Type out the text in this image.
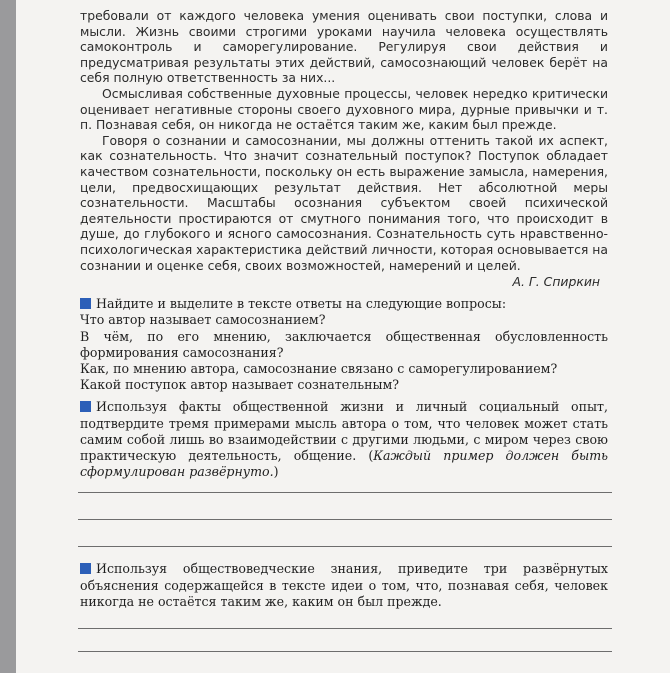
требовали от каждого человека умения оценивать свои поступки, слова и мысли. Жизнь своими строгими уроками научила человека осуществлять самоконтроль и саморегулирование. Регулируя свои действия и предусматривая результаты этих действий, самосознающий человек берёт на себя полную ответственность за них...

Осмысливая собственные духовные процессы, человек нередко критически оценивает негативные стороны своего духовного мира, дурные привычки и т. п. Познавая себя, он никогда не остаётся таким же, каким был прежде.

Говоря о сознании и самосознании, мы должны оттенить такой их аспект, как сознательность. Что значит сознательный поступок? Поступок обладает качеством сознательности, поскольку он есть выражение замысла, намерения, цели, предвосхищающих результат действия. Нет абсолютной меры сознательности. Масштабы осознания субъектом своей психической деятельности простираются от смутного понимания того, что происходит в душе, до глубокого и ясного самосознания. Сознательность суть нравственно-психологическая характеристика действий личности, которая основывается на сознании и оценке себя, своих возможностей, намерений и целей.

А. Г. Спиркин

Найдите и выделите в тексте ответы на следующие вопросы:

Что автор называет самосознанием?

В чём, по его мнению, заключается общественная обусловленность формирования самосознания?

Как, по мнению автора, самосознание связано с саморегулированием?

Какой поступок автор называет сознательным?

Используя факты общественной жизни и личный социальный опыт, подтвердите тремя примерами мысль автора о том, что человек может стать самим собой лишь во взаимодействии с другими людьми, с миром через свою практическую деятельность, общение. (Каждый пример должен быть сформулирован развёрнуто.)

Используя обществоведческие знания, приведите три развёрнутых объяснения содержащейся в тексте идеи о том, что, познавая себя, человек никогда не остаётся таким же, каким он был прежде.
